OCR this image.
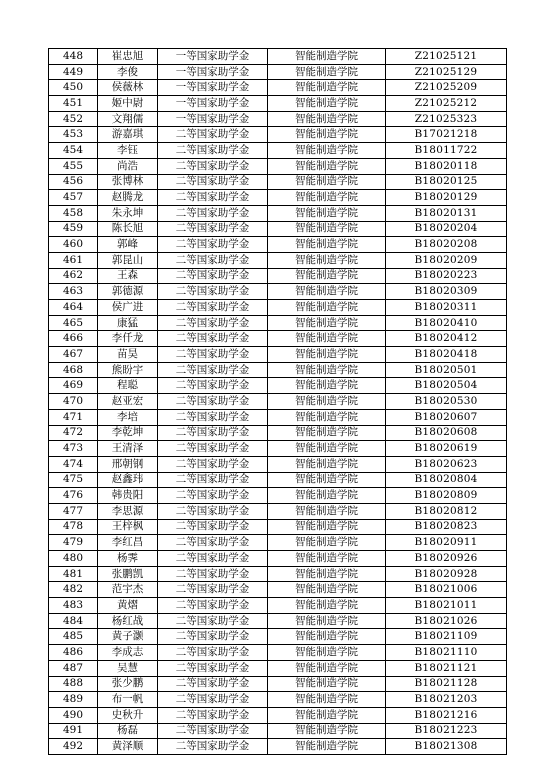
448	崔忠旭	一等国家助学金	智能制造学院	Z21025121
449	李俊	一等国家助学金	智能制造学院	Z21025129
450	侯薇林	一等国家助学金	智能制造学院	Z21025209
451	姬中尉	一等国家助学金	智能制造学院	Z21025212
452	文翔儒	一等国家助学金	智能制造学院	Z21025323
453	游嘉琪	二等国家助学金	智能制造学院	B17021218
454	李钰	二等国家助学金	智能制造学院	B18011722
455	尚浩	二等国家助学金	智能制造学院	B18020118
456	张博林	二等国家助学金	智能制造学院	B18020125
457	赵腾龙	二等国家助学金	智能制造学院	B18020129
458	朱永坤	二等国家助学金	智能制造学院	B18020131
459	陈长旭	二等国家助学金	智能制造学院	B18020204
460	郭峰	二等国家助学金	智能制造学院	B18020208
461	郭昆山	二等国家助学金	智能制造学院	B18020209
462	王森	二等国家助学金	智能制造学院	B18020223
463	郭德源	二等国家助学金	智能制造学院	B18020309
464	侯广进	二等国家助学金	智能制造学院	B18020311
465	康猛	二等国家助学金	智能制造学院	B18020410
466	李仟龙	二等国家助学金	智能制造学院	B18020412
467	苗昊	二等国家助学金	智能制造学院	B18020418
468	熊盼宇	二等国家助学金	智能制造学院	B18020501
469	程聪	二等国家助学金	智能制造学院	B18020504
470	赵亚宏	二等国家助学金	智能制造学院	B18020530
471	李培	二等国家助学金	智能制造学院	B18020607
472	李乾坤	二等国家助学金	智能制造学院	B18020608
473	王清泽	二等国家助学金	智能制造学院	B18020619
474	邢朝钢	二等国家助学金	智能制造学院	B18020623
475	赵鑫玮	二等国家助学金	智能制造学院	B18020804
476	韩贵阳	二等国家助学金	智能制造学院	B18020809
477	李思源	二等国家助学金	智能制造学院	B18020812
478	王梓枫	二等国家助学金	智能制造学院	B18020823
479	李红昌	二等国家助学金	智能制造学院	B18020911
480	杨霁	二等国家助学金	智能制造学院	B18020926
481	张鹏凯	二等国家助学金	智能制造学院	B18020928
482	范宇杰	二等国家助学金	智能制造学院	B18021006
483	黄熠	二等国家助学金	智能制造学院	B18021011
484	杨红战	二等国家助学金	智能制造学院	B18021026
485	黄子灏	二等国家助学金	智能制造学院	B18021109
486	李成志	二等国家助学金	智能制造学院	B18021110
487	吴慧	二等国家助学金	智能制造学院	B18021121
488	张少鹏	二等国家助学金	智能制造学院	B18021128
489	布一帆	二等国家助学金	智能制造学院	B18021203
490	史秋升	二等国家助学金	智能制造学院	B18021216
491	杨磊	二等国家助学金	智能制造学院	B18021223
492	黄泽顺	二等国家助学金	智能制造学院	B18021308
